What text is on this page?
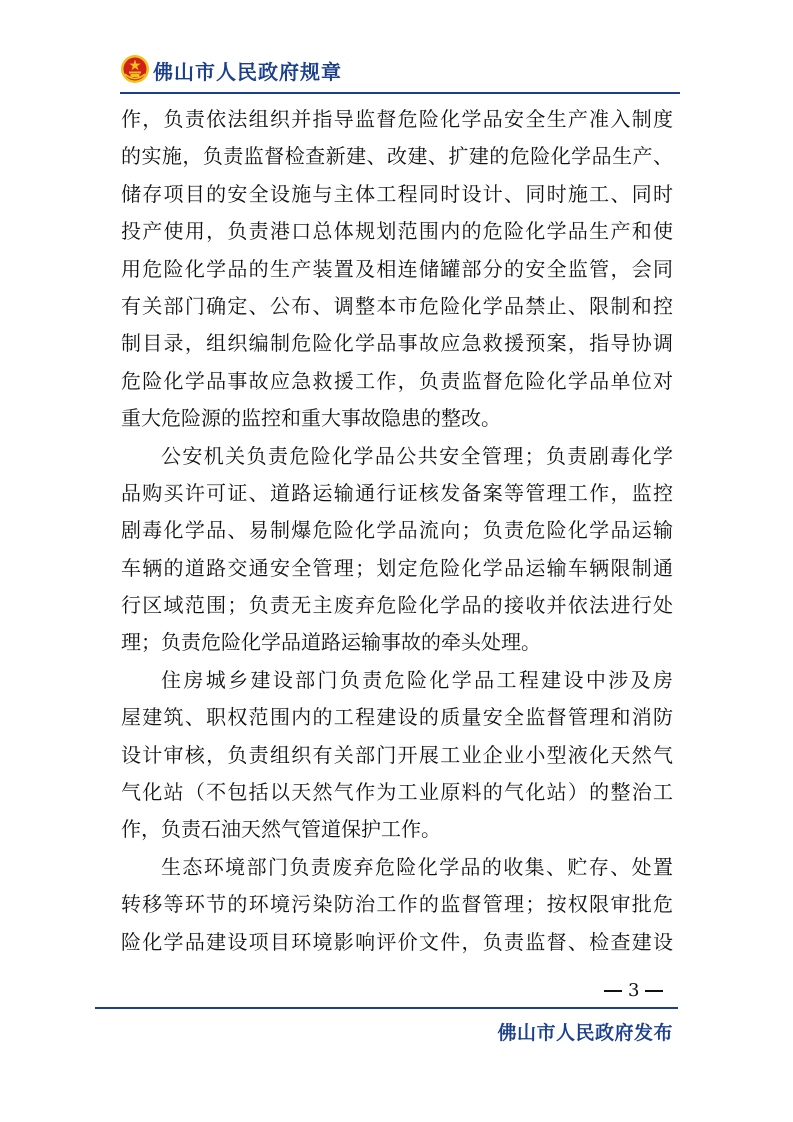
佛山市人民政府规章
作，负责依法组织并指导监督危险化学品安全生产准入制度
的实施，负责监督检查新建、改建、扩建的危险化学品生产、
储存项目的安全设施与主体工程同时设计、同时施工、同时
投产使用，负责港口总体规划范围内的危险化学品生产和使
用危险化学品的生产装置及相连储罐部分的安全监管，会同
有关部门确定、公布、调整本市危险化学品禁止、限制和控
制目录，组织编制危险化学品事故应急救援预案，指导协调
危险化学品事故应急救援工作，负责监督危险化学品单位对
重大危险源的监控和重大事故隐患的整改。
公安机关负责危险化学品公共安全管理；负责剧毒化学
品购买许可证、道路运输通行证核发备案等管理工作，监控
剧毒化学品、易制爆危险化学品流向；负责危险化学品运输
车辆的道路交通安全管理；划定危险化学品运输车辆限制通
行区域范围；负责无主废弃危险化学品的接收并依法进行处
理；负责危险化学品道路运输事故的牵头处理。
住房城乡建设部门负责危险化学品工程建设中涉及房
屋建筑、职权范围内的工程建设的质量安全监督管理和消防
设计审核，负责组织有关部门开展工业企业小型液化天然气
气化站（不包括以天然气作为工业原料的气化站）的整治工
作，负责石油天然气管道保护工作。
生态环境部门负责废弃危险化学品的收集、贮存、处置
转移等环节的环境污染防治工作的监督管理；按权限审批危
险化学品建设项目环境影响评价文件，负责监督、检查建设
3
佛山市人民政府发布
